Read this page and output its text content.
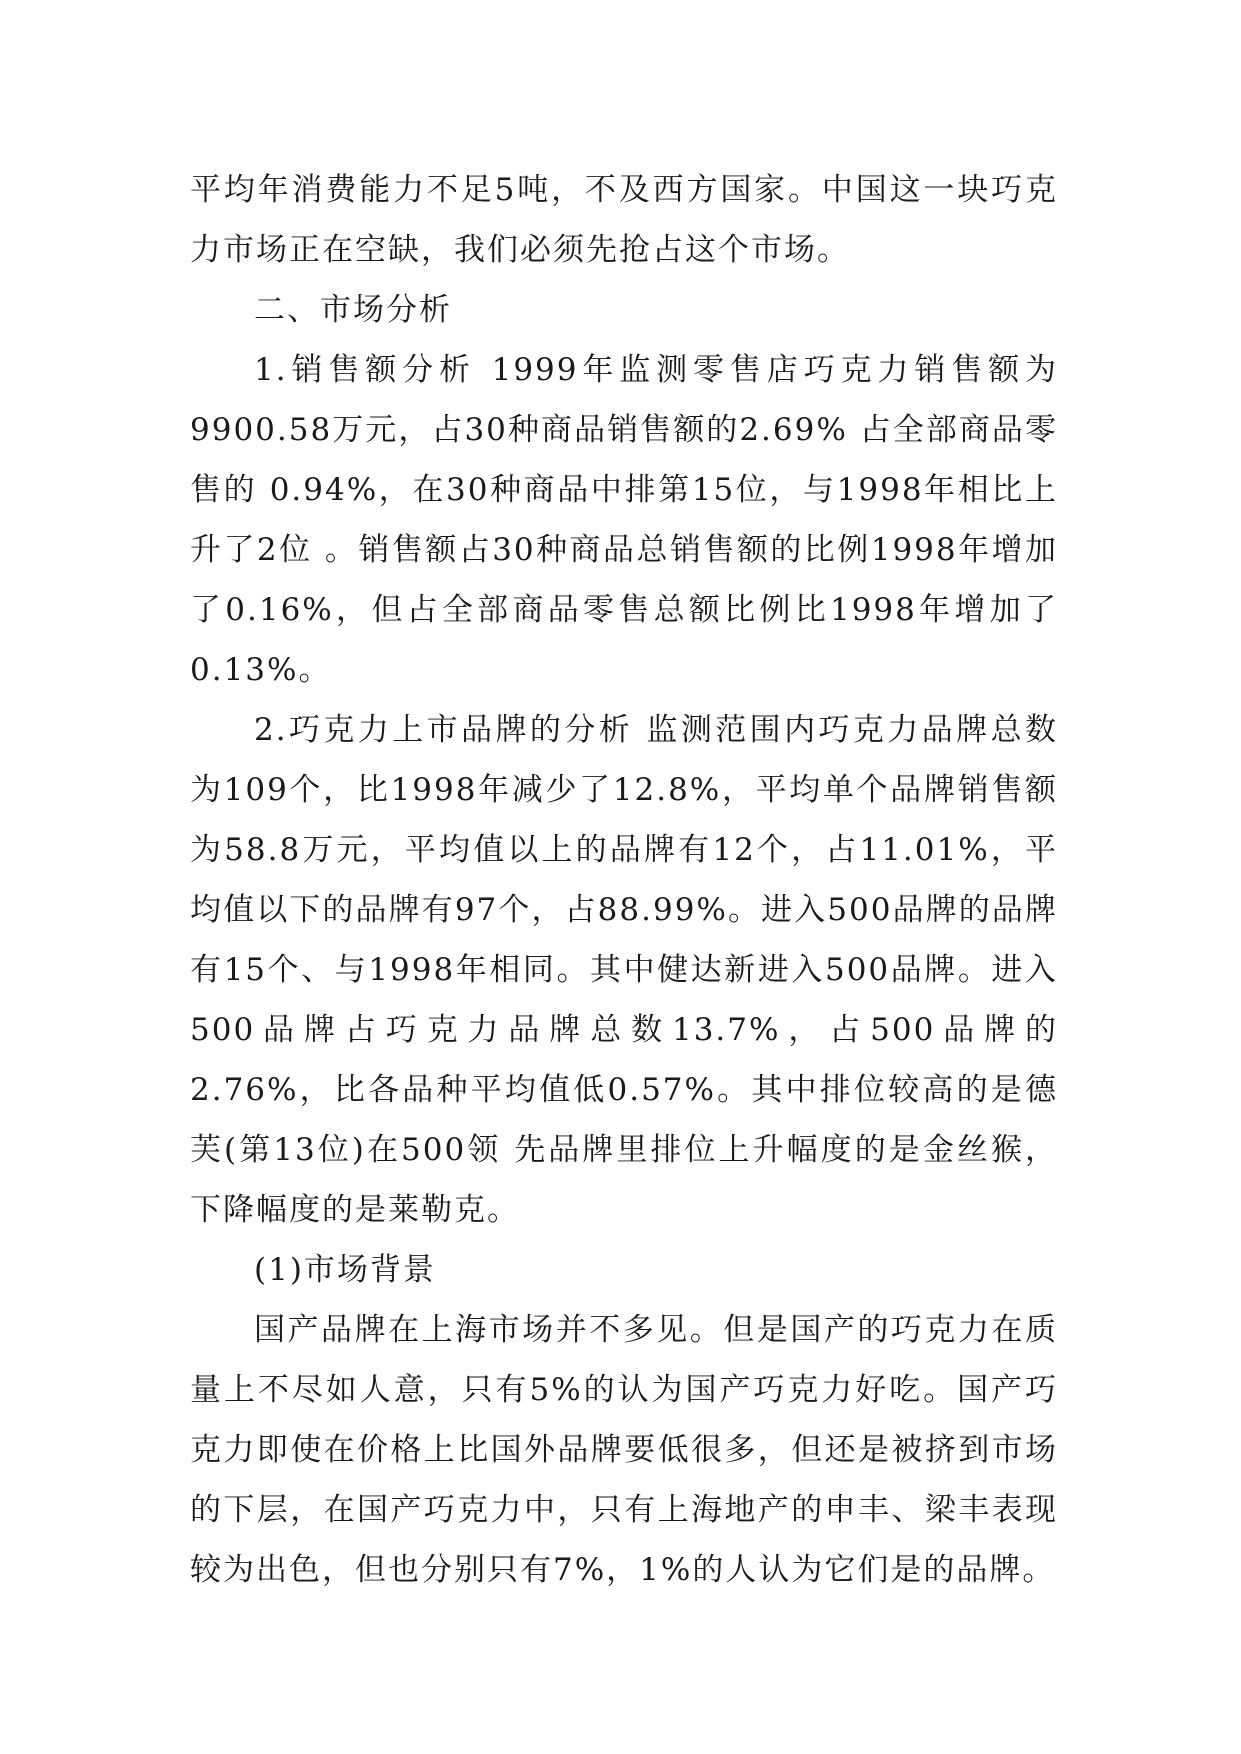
平均年消费能力不足5吨，不及西方国家。中国这一块巧克力市场正在空缺，我们必须先抢占这个市场。

二、市场分析

1.销售额分析 1999年监测零售店巧克力销售额为9900.58万元，占30种商品销售额的2.69% 占全部商品零售的 0.94%，在30种商品中排第15位，与1998年相比上升了2位 。销售额占30种商品总销售额的比例1998年增加了0.16%，但占全部商品零售总额比例比1998年增加了0.13%。

2.巧克力上市品牌的分析 监测范围内巧克力品牌总数为109个，比1998年减少了12.8%，平均单个品牌销售额为58.8万元，平均值以上的品牌有12个，占11.01%，平均值以下的品牌有97个，占88.99%。进入500品牌的品牌有15个、与1998年相同。其中健达新进入500品牌。进入500品牌占巧克力品牌总数13.7%，占500品牌的2.76%，比各品种平均值低0.57%。其中排位较高的是德芙(第13位)在500领 先品牌里排位上升幅度的是金丝猴，下降幅度的是莱勒克。

(1)市场背景

国产品牌在上海市场并不多见。但是国产的巧克力在质量上不尽如人意，只有5%的认为国产巧克力好吃。国产巧克力即使在价格上比国外品牌要低很多，但还是被挤到市场的下层，在国产巧克力中，只有上海地产的申丰、梁丰表现较为出色，但也分别只有7%，1%的人认为它们是的品牌。
